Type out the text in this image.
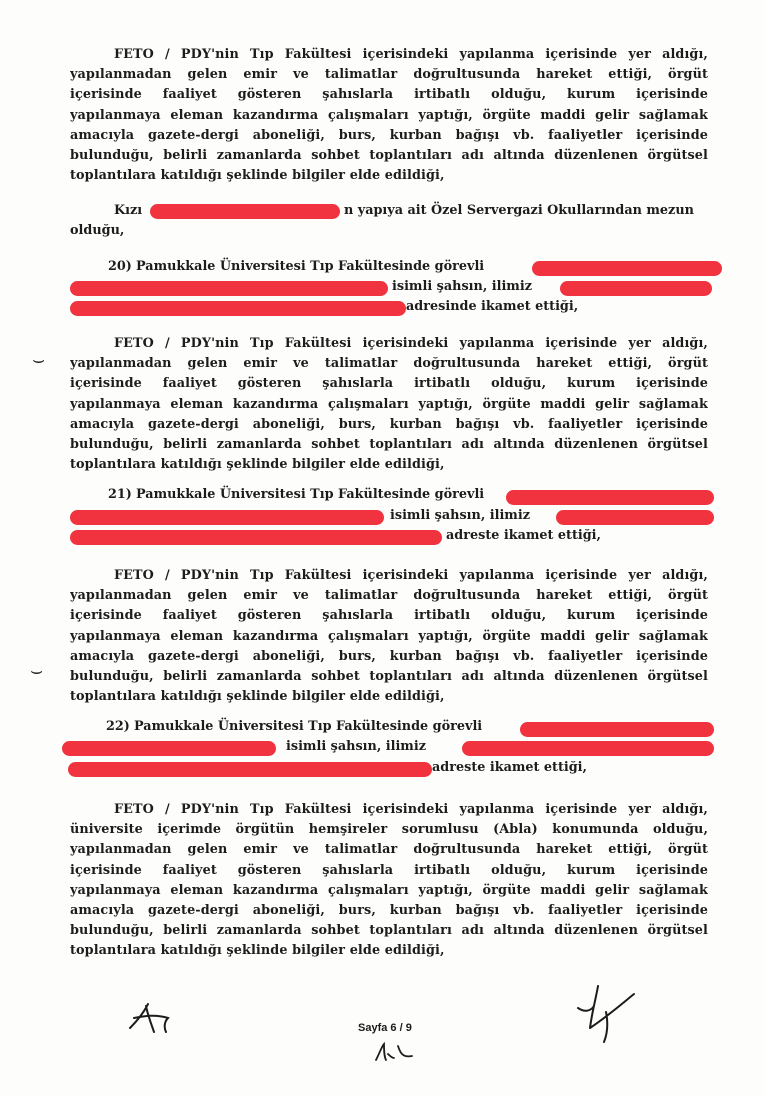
FETO / PDY'nin Tıp Fakültesi içerisindeki yapılanma içerisinde yer aldığı,
yapılanmadan gelen emir ve talimatlar doğrultusunda hareket ettiği, örgüt
içerisinde faaliyet gösteren şahıslarla irtibatlı olduğu, kurum içerisinde
yapılanmaya eleman kazandırma çalışmaları yaptığı, örgüte maddi gelir sağlamak
amacıyla gazete-dergi aboneliği, burs, kurban bağışı vb. faaliyetler içerisinde
bulunduğu, belirli zamanlarda sohbet toplantıları adı altında düzenlenen örgütsel
toplantılara katıldığı şeklinde bilgiler elde edildiği,
Kızı	n yapıya ait Özel Servergazi Okullarından mezun
olduğu,
20) Pamukkale Üniversitesi Tıp Fakültesinde görevli
isimli şahsın, ilimiz
adresinde ikamet ettiği,
⌣
FETO / PDY'nin Tıp Fakültesi içerisindeki yapılanma içerisinde yer aldığı,
yapılanmadan gelen emir ve talimatlar doğrultusunda hareket ettiği, örgüt
içerisinde faaliyet gösteren şahıslarla irtibatlı olduğu, kurum içerisinde
yapılanmaya eleman kazandırma çalışmaları yaptığı, örgüte maddi gelir sağlamak
amacıyla gazete-dergi aboneliği, burs, kurban bağışı vb. faaliyetler içerisinde
bulunduğu, belirli zamanlarda sohbet toplantıları adı altında düzenlenen örgütsel
toplantılara katıldığı şeklinde bilgiler elde edildiği,
21) Pamukkale Üniversitesi Tıp Fakültesinde görevli
isimli şahsın, ilimiz
adreste ikamet ettiği,
⌣
FETO / PDY'nin Tıp Fakültesi içerisindeki yapılanma içerisinde yer aldığı,
yapılanmadan gelen emir ve talimatlar doğrultusunda hareket ettiği, örgüt
içerisinde faaliyet gösteren şahıslarla irtibatlı olduğu, kurum içerisinde
yapılanmaya eleman kazandırma çalışmaları yaptığı, örgüte maddi gelir sağlamak
amacıyla gazete-dergi aboneliği, burs, kurban bağışı vb. faaliyetler içerisinde
bulunduğu, belirli zamanlarda sohbet toplantıları adı altında düzenlenen örgütsel
toplantılara katıldığı şeklinde bilgiler elde edildiği,
22) Pamukkale Üniversitesi Tıp Fakültesinde görevli
isimli şahsın, ilimiz
adreste ikamet ettiği,
FETO / PDY'nin Tıp Fakültesi içerisindeki yapılanma içerisinde yer aldığı,
üniversite içerimde örgütün hemşireler sorumlusu (Abla) konumunda olduğu,
yapılanmadan gelen emir ve talimatlar doğrultusunda hareket ettiği, örgüt
içerisinde faaliyet gösteren şahıslarla irtibatlı olduğu, kurum içerisinde
yapılanmaya eleman kazandırma çalışmaları yaptığı, örgüte maddi gelir sağlamak
amacıyla gazete-dergi aboneliği, burs, kurban bağışı vb. faaliyetler içerisinde
bulunduğu, belirli zamanlarda sohbet toplantıları adı altında düzenlenen örgütsel
toplantılara katıldığı şeklinde bilgiler elde edildiği,
Sayfa 6 / 9
